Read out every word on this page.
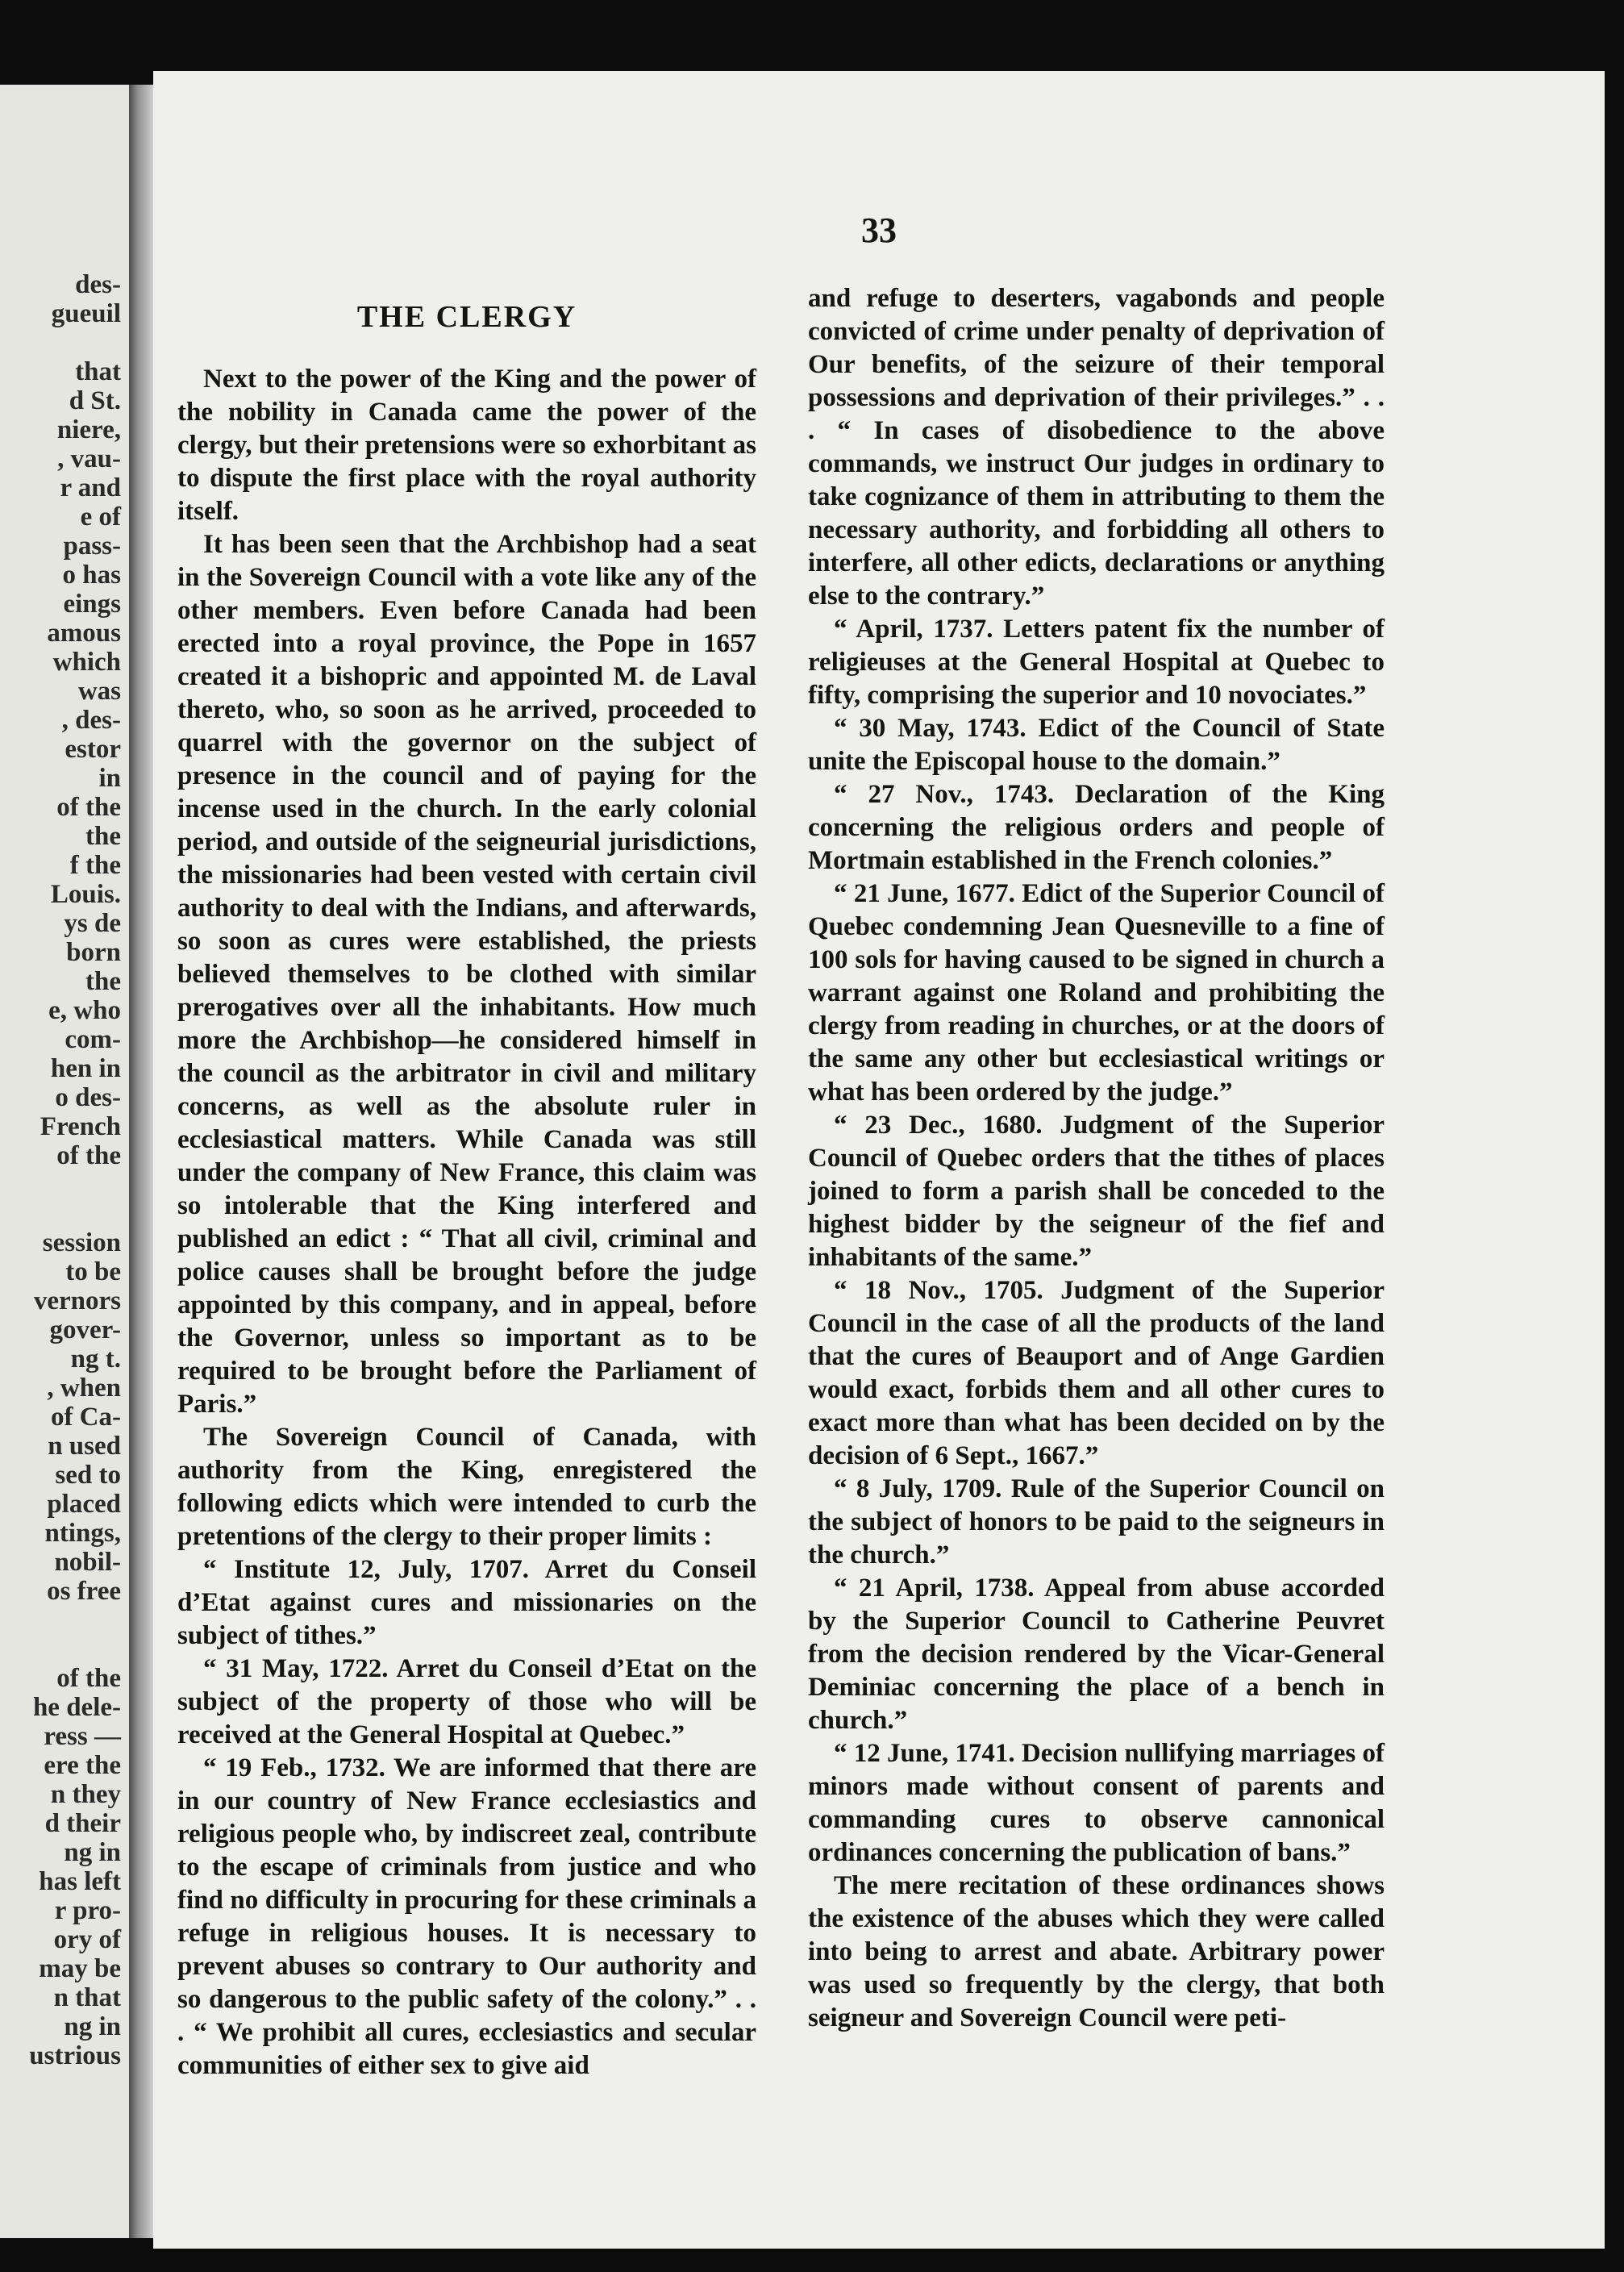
des-
gueuil

that
d St.
niere,
, vau-
r and
e of
pass-
o has
eings
amous
which
was
, des-
estor
in
of the
the
f the
Louis.
ys de
born
the
e, who
com-
hen in
o des-
French
of the

session
to be
vernors
gover-
ng t.
, when
of Ca-
n used
sed to
placed
ntings,
nobil-
os free

of the
he dele-
ress —
ere the
n they
d their
ng in
has left
r pro-
ory of
may be
n that
ng in
ustrious
33
THE CLERGY

Next to the power of the King and the power of the nobility in Canada came the power of the clergy, but their pretensions were so exhorbitant as to dispute the first place with the royal authority itself.

It has been seen that the Archbishop had a seat in the Sovereign Council with a vote like any of the other members. Even before Canada had been erected into a royal province, the Pope in 1657 created it a bishopric and appointed M. de Laval thereto, who, so soon as he arrived, proceeded to quarrel with the governor on the subject of presence in the council and of paying for the incense used in the church. In the early colonial period, and outside of the seigneurial jurisdictions, the missionaries had been vested with certain civil authority to deal with the Indians, and afterwards, so soon as cures were established, the priests believed themselves to be clothed with similar prerogatives over all the inhabitants. How much more the Archbishop—he considered himself in the council as the arbitrator in civil and military concerns, as well as the absolute ruler in ecclesiastical matters. While Canada was still under the company of New France, this claim was so intolerable that the King interfered and published an edict : “ That all civil, criminal and police causes shall be brought before the judge appointed by this company, and in appeal, before the Governor, unless so important as to be required to be brought before the Parliament of Paris.”

The Sovereign Council of Canada, with authority from the King, enregistered the following edicts which were intended to curb the pretentions of the clergy to their proper limits :

“ Institute 12, July, 1707. Arret du Conseil d’Etat against cures and missionaries on the subject of tithes.”

“ 31 May, 1722. Arret du Conseil d’Etat on the subject of the property of those who will be received at the General Hospital at Quebec.”

“ 19 Feb., 1732. We are informed that there are in our country of New France ecclesiastics and religious people who, by indiscreet zeal, contribute to the escape of criminals from justice and who find no difficulty in procuring for these criminals a refuge in religious houses. It is necessary to prevent abuses so contrary to Our authority and so dangerous to the public safety of the colony.” . . . “ We prohibit all cures, ecclesiastics and secular communities of either sex to give aid

and refuge to deserters, vagabonds and people convicted of crime under penalty of deprivation of Our benefits, of the seizure of their temporal possessions and deprivation of their privileges.” . . . “ In cases of disobedience to the above commands, we instruct Our judges in ordinary to take cognizance of them in attributing to them the necessary authority, and forbidding all others to interfere, all other edicts, declarations or anything else to the contrary.”

“ April, 1737. Letters patent fix the number of religieuses at the General Hospital at Quebec to fifty, comprising the superior and 10 novociates.”

“ 30 May, 1743. Edict of the Council of State unite the Episcopal house to the domain.”

“ 27 Nov., 1743. Declaration of the King concerning the religious orders and people of Mortmain established in the French colonies.”

“ 21 June, 1677. Edict of the Superior Council of Quebec condemning Jean Quesneville to a fine of 100 sols for having caused to be signed in church a warrant against one Roland and prohibiting the clergy from reading in churches, or at the doors of the same any other but ecclesiastical writings or what has been ordered by the judge.”

“ 23 Dec., 1680. Judgment of the Superior Council of Quebec orders that the tithes of places joined to form a parish shall be conceded to the highest bidder by the seigneur of the fief and inhabitants of the same.”

“ 18 Nov., 1705. Judgment of the Superior Council in the case of all the products of the land that the cures of Beauport and of Ange Gardien would exact, forbids them and all other cures to exact more than what has been decided on by the decision of 6 Sept., 1667.”

“ 8 July, 1709. Rule of the Superior Council on the subject of honors to be paid to the seigneurs in the church.”

“ 21 April, 1738. Appeal from abuse accorded by the Superior Council to Catherine Peuvret from the decision rendered by the Vicar-General Deminiac concerning the place of a bench in church.”

“ 12 June, 1741. Decision nullifying marriages of minors made without consent of parents and commanding cures to observe cannonical ordinances concerning the publication of bans.”

The mere recitation of these ordinances shows the existence of the abuses which they were called into being to arrest and abate. Arbitrary power was used so frequently by the clergy, that both seigneur and Sovereign Council were peti-
